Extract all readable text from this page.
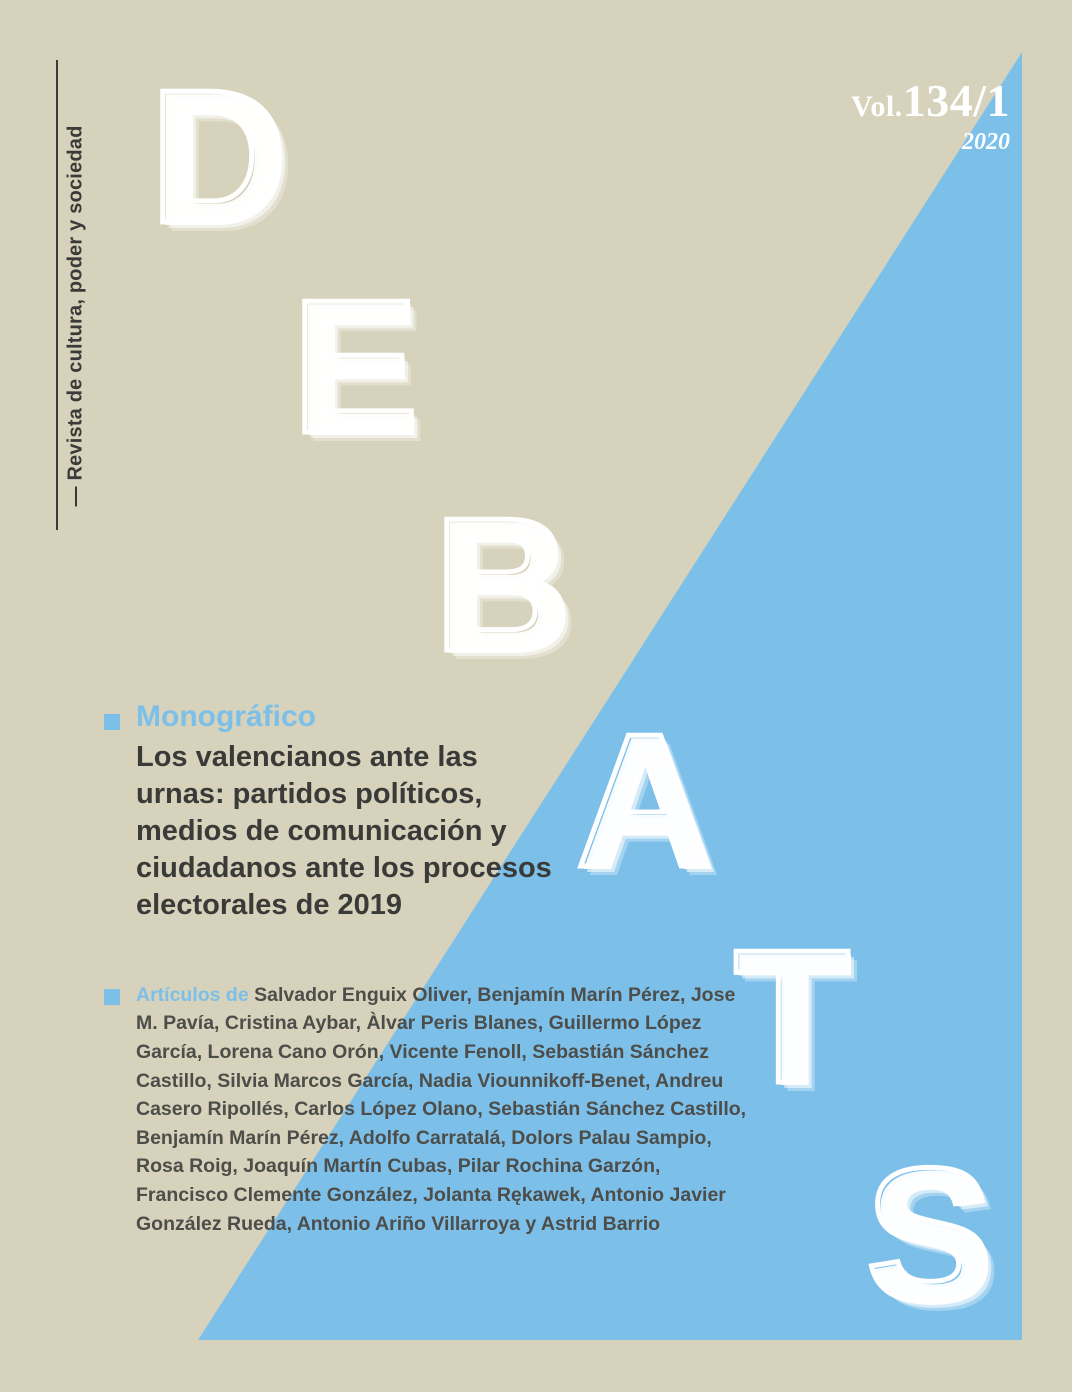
— Revista de cultura, poder y sociedad
Vol.134/1
2020
D
E
B
A
T
S
Monográfico
Los valencianos ante las urnas: partidos políticos, medios de comunicación y ciudadanos ante los procesos electorales de 2019

Artículos de Salvador Enguix Oliver, Benjamín Marín Pérez, Jose M. Pavía, Cristina Aybar, Àlvar Peris Blanes, Guillermo López García, Lorena Cano Orón, Vicente Fenoll, Sebastián Sánchez Castillo, Silvia Marcos García, Nadia Viounnikoff-Benet, Andreu Casero Ripollés, Carlos López Olano, Sebastián Sánchez Castillo, Benjamín Marín Pérez, Adolfo Carratalá, Dolors Palau Sampio, Rosa Roig, Joaquín Martín Cubas, Pilar Rochina Garzón, Francisco Clemente González, Jolanta Rękawek, Antonio Javier González Rueda, Antonio Ariño Villarroya y Astrid Barrio
